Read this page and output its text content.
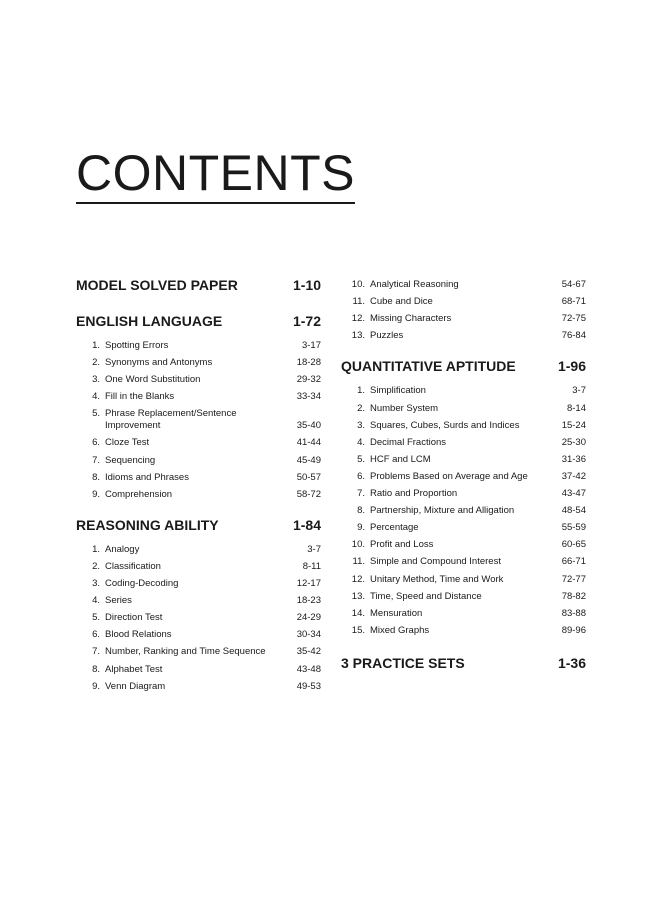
CONTENTS
MODEL SOLVED PAPER	1-10
ENGLISH LANGUAGE	1-72
1. Spotting Errors	3-17
2. Synonyms and Antonyms	18-28
3. One Word Substitution	29-32
4. Fill in the Blanks	33-34
5. Phrase Replacement/Sentence Improvement	35-40
6. Cloze Test	41-44
7. Sequencing	45-49
8. Idioms and Phrases	50-57
9. Comprehension	58-72
REASONING ABILITY	1-84
1. Analogy	3-7
2. Classification	8-11
3. Coding-Decoding	12-17
4. Series	18-23
5. Direction Test	24-29
6. Blood Relations	30-34
7. Number, Ranking and Time Sequence	35-42
8. Alphabet Test	43-48
9. Venn Diagram	49-53
10. Analytical Reasoning	54-67
11. Cube and Dice	68-71
12. Missing Characters	72-75
13. Puzzles	76-84
QUANTITATIVE APTITUDE	1-96
1. Simplification	3-7
2. Number System	8-14
3. Squares, Cubes, Surds and Indices	15-24
4. Decimal Fractions	25-30
5. HCF and LCM	31-36
6. Problems Based on Average and Age	37-42
7. Ratio and Proportion	43-47
8. Partnership, Mixture and Alligation	48-54
9. Percentage	55-59
10. Profit and Loss	60-65
11. Simple and Compound Interest	66-71
12. Unitary Method, Time and Work	72-77
13. Time, Speed and Distance	78-82
14. Mensuration	83-88
15. Mixed Graphs	89-96
3 PRACTICE SETS	1-36
